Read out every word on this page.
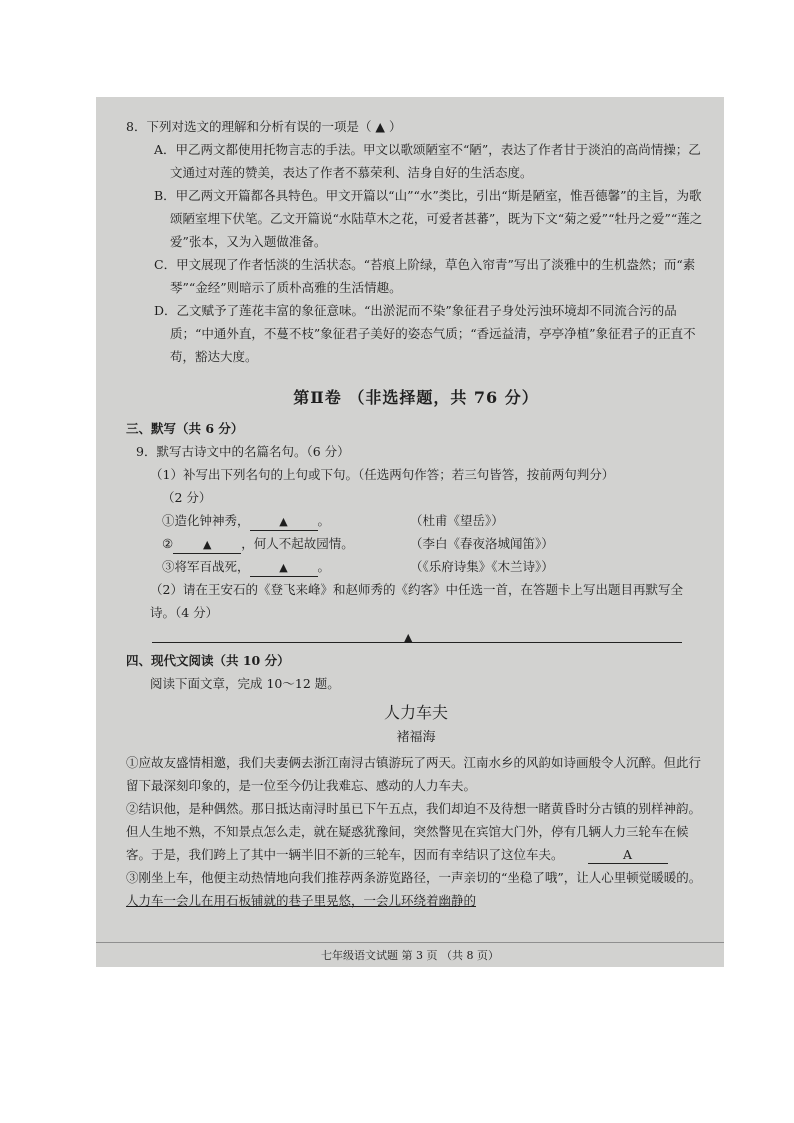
8．下列对选文的理解和分析有误的一项是（ ▲ ）

A．甲乙两文都使用托物言志的手法。甲文以歌颂陋室不“陋”，表达了作者甘于淡泊的高尚情操；乙文通过对莲的赞美，表达了作者不慕荣利、洁身自好的生活态度。

B．甲乙两文开篇都各具特色。甲文开篇以“山”“水”类比，引出“斯是陋室，惟吾德馨”的主旨，为歌颂陋室埋下伏笔。乙文开篇说“水陆草木之花，可爱者甚蕃”，既为下文“菊之爱”“牡丹之爱”“莲之爱”张本，又为入题做准备。

C．甲文展现了作者恬淡的生活状态。“苔痕上阶绿，草色入帘青”写出了淡雅中的生机盎然；而“素琴”“金经”则暗示了质朴高雅的生活情趣。

D．乙文赋予了莲花丰富的象征意味。“出淤泥而不染”象征君子身处污浊环境却不同流合污的品质；“中通外直，不蔓不枝”象征君子美好的姿态气质；“香远益清，亭亭净植”象征君子的正直不苟，豁达大度。

第Ⅱ卷 （非选择题，共 76 分）

三、默写（共 6 分）

9．默写古诗文中的名篇名句。（6 分）

（1）补写出下列名句的上句或下句。（任选两句作答；若三句皆答，按前两句判分）

（2 分）

①造化钟神秀，	▲ 。	（杜甫《望岳》）
②	▲ ，何人不起故园情。	（李白《春夜洛城闻笛》）
③将军百战死，	▲ 。	（《乐府诗集》《木兰诗》）

（2）请在王安石的《登飞来峰》和赵师秀的《约客》中任选一首，在答题卡上写出题目再默写全诗。（4 分）

▲

四、现代文阅读（共 10 分）

阅读下面文章，完成 10～12 题。

人力车夫
褚福海

①应故友盛情相邀，我们夫妻俩去浙江南浔古镇游玩了两天。江南水乡的风韵如诗画般令人沉醉。但此行留下最深刻印象的，是一位至今仍让我难忘、感动的人力车夫。

②结识他，是种偶然。那日抵达南浔时虽已下午五点，我们却迫不及待想一睹黄昏时分古镇的别样神韵。但人生地不熟，不知景点怎么走，就在疑惑犹豫间，突然瞥见在宾馆大门外，停有几辆人力三轮车在候客。于是，我们跨上了其中一辆半旧不新的三轮车，因而有幸结识了这位车夫。	A

③刚坐上车，他便主动热情地向我们推荐两条游览路径，一声亲切的“坐稳了哦”，让人心里顿觉暖暖的。人力车一会儿在用石板铺就的巷子里晃悠，一会儿环绕着幽静的

七年级语文试题 第 3 页 （共 8 页）
